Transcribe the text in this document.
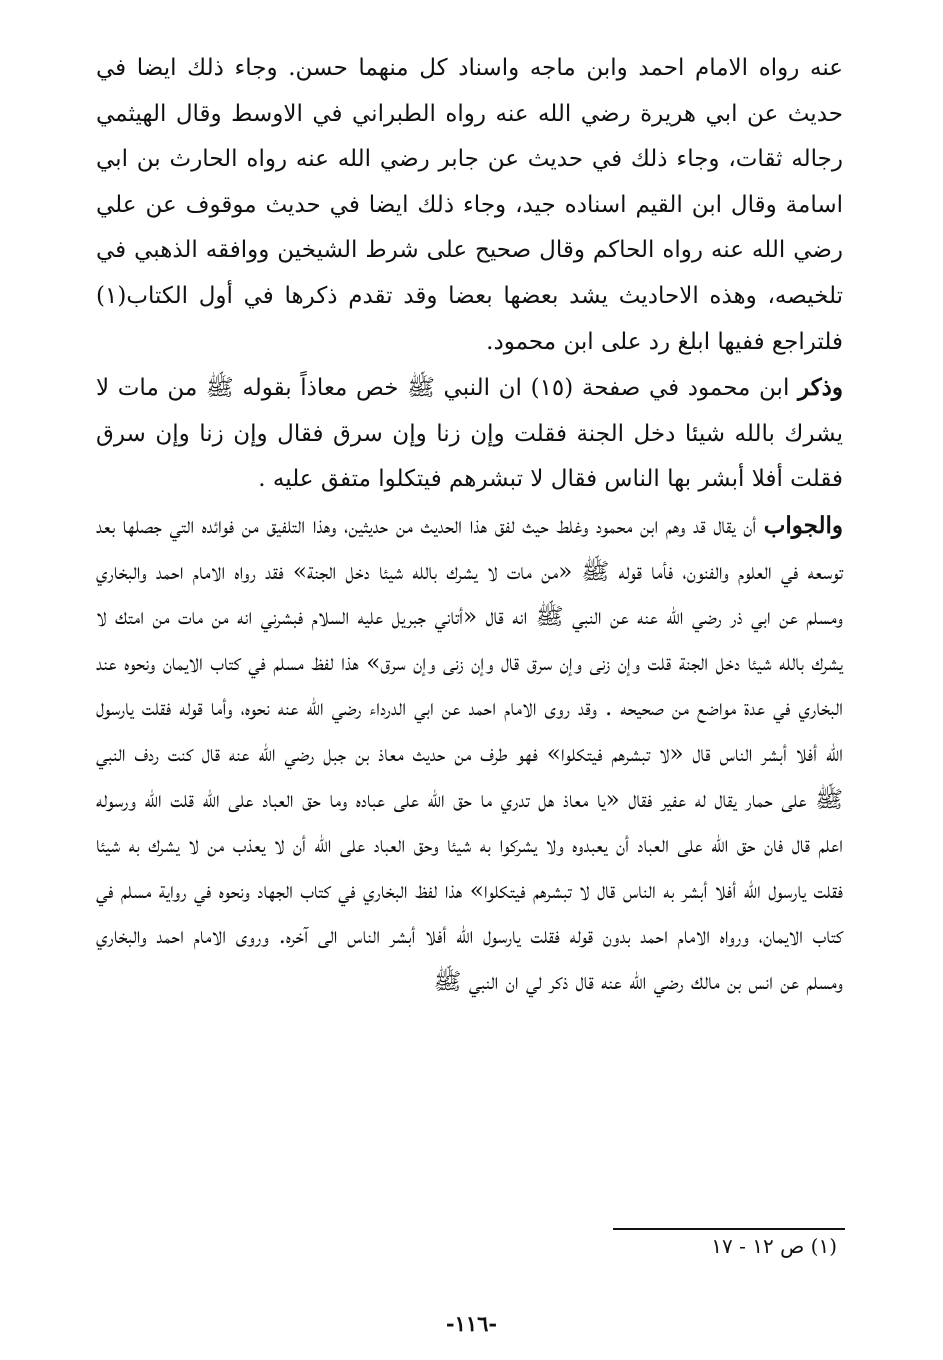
عنه رواه الامام احمد وابن ماجه واسناد كل منهما حسن. وجاء ذلك ايضا في حديث عن ابي هريرة رضي الله عنه رواه الطبراني في الاوسط وقال الهيثمي رجاله ثقات، وجاء ذلك في حديث عن جابر رضي الله عنه رواه الحارث بن ابي اسامة وقال ابن القيم اسناده جيد، وجاء ذلك ايضا في حديث موقوف عن علي رضي الله عنه رواه الحاكم وقال صحيح على شرط الشيخين ووافقه الذهبي في تلخيصه، وهذه الاحاديث يشد بعضها بعضا وقد تقدم ذكرها في أول الكتاب(١) فلتراجع ففيها ابلغ رد على ابن محمود.

وذكر ابن محمود في صفحة (١٥) ان النبي ﷺ خص معاذاً بقوله ﷺ من مات لا يشرك بالله شيئا دخل الجنة فقلت وإن زنا وإن سرق فقال وإن زنا وإن سرق فقلت أفلا أبشر بها الناس فقال لا تبشرهم فيتكلوا متفق عليه .

والجواب أن يقال قد وهم ابن محمود وغلط حيث لفق هذا الحديث من حديثين، وهذا التلفيق من فوائده التي جصلها بعد توسعه في العلوم والفنون، فأما قوله ﷺ «من مات لا يشرك بالله شيئا دخل الجنة» فقد رواه الامام احمد والبخاري ومسلم عن ابي ذر رضي الله عنه عن النبي ﷺ انه قال «أتاني جبريل عليه السلام فبشرني انه من مات من امتك لا يشرك بالله شيئا دخل الجنة قلت وإن زنى وإن سرق قال وإن زنى وإن سرق» هذا لفظ مسلم في كتاب الايمان ونحوه عند البخاري في عدة مواضع من صحيحه . وقد روى الامام احمد عن ابي الدرداء رضي الله عنه نحوه، وأما قوله فقلت يارسول الله أفلا أبشر الناس قال «لا تبشرهم فيتكلوا» فهو طرف من حديث معاذ بن جبل رضي الله عنه قال كنت ردف النبي ﷺ على حمار يقال له عفير فقال «يا معاذ هل تدري ما حق الله على عباده وما حق العباد على الله قلت الله ورسوله اعلم قال فان حق الله على العباد أن يعبدوه ولا يشركوا به شيئا وحق العباد على الله أن لا يعذب من لا يشرك به شيئا فقلت يارسول الله أفلا أبشر به الناس قال لا تبشرهم فيتكلوا» هذا لفظ البخاري في كتاب الجهاد ونحوه في رواية مسلم في كتاب الايمان، ورواه الامام احمد بدون قوله فقلت يارسول الله أفلا أبشر الناس الى آخره. وروى الامام احمد والبخاري ومسلم عن انس بن مالك رضي الله عنه قال ذكر لي ان النبي ﷺ

(١) ص ١٢ - ١٧
-١١٦-
